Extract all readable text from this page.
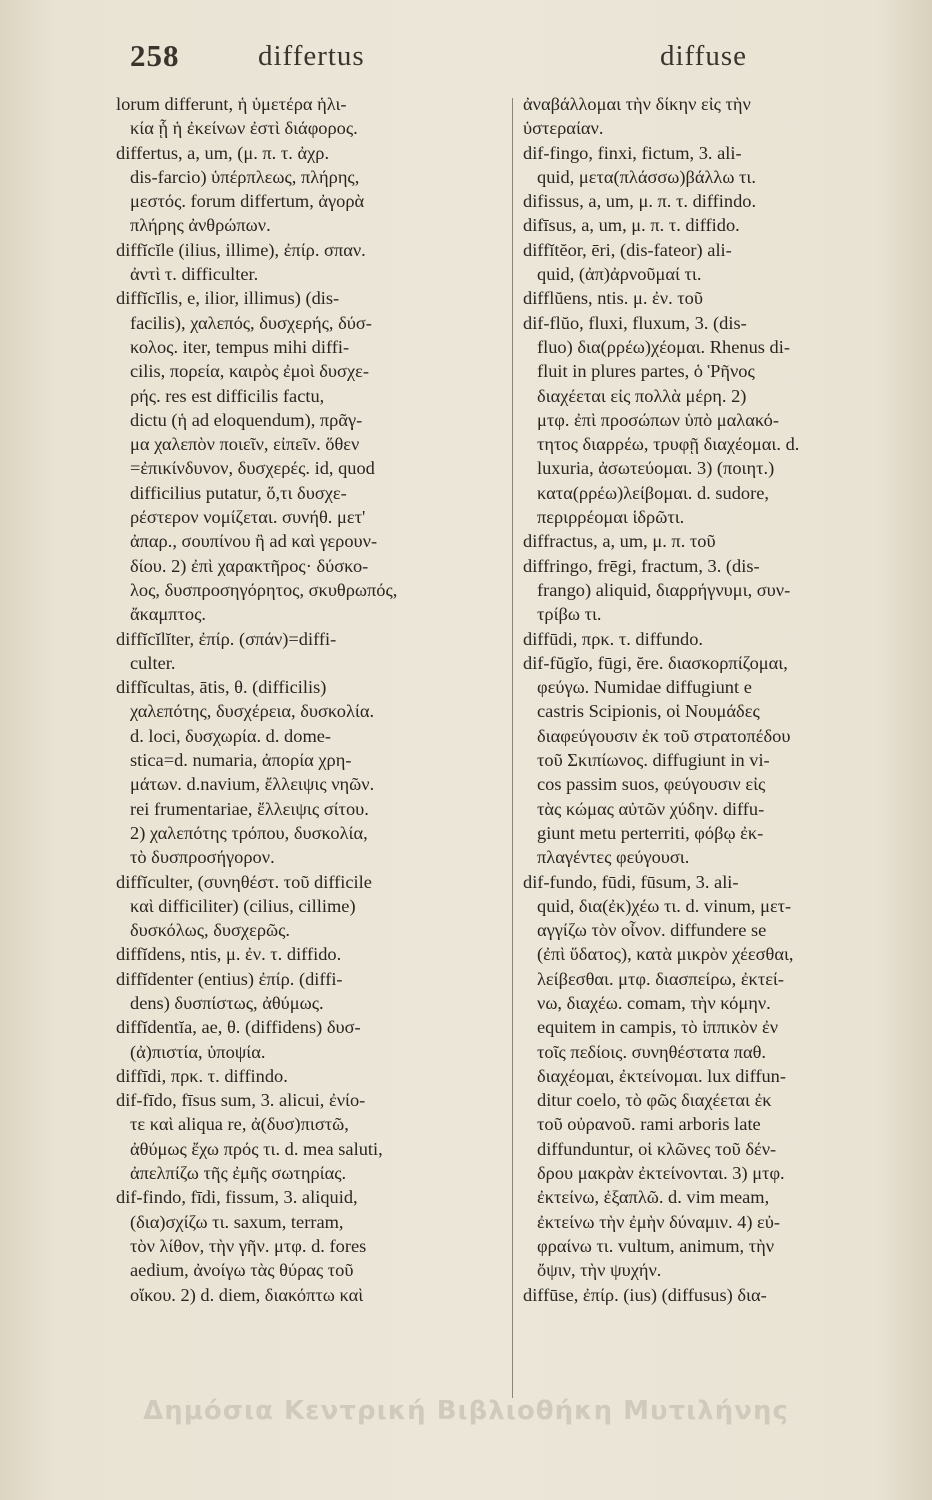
258	differtus	diffuse
lorum differunt, ἡ ὑμετέρα ἡλι-
κία ᾗ ἡ ἐκείνων ἐστὶ διάφορος.
differtus, a, um, (μ. π. τ. ἀχρ.
dis-farcio) ὑπέρπλεως, πλήρης,
μεστός. forum differtum, ἀγορὰ
πλήρης ἀνθρώπων.
diffĭcĭle (ilius, illime), ἐπίρ. σπαν.
ἀντὶ τ. difficulter.
diffĭcĭlis, e, ilior, illimus) (dis-
facilis), χαλεπός, δυσχερής, δύσ-
κολος. iter, tempus mihi diffi-
cilis, πορεία, καιρὸς ἐμοὶ δυσχε-
ρής. res est difficilis factu,
dictu (ἡ ad eloquendum), πρᾶγ-
μα χαλεπὸν ποιεῖν, εἰπεῖν. ὅθεν
=ἐπικίνδυνον, δυσχερές. id, quod
difficilius putatur, ὅ,τι δυσχε-
ρέστερον νομίζεται. συνήθ. μετ'
ἀπαρ., σουπίνου ἢ ad καὶ γερουν-
δίου. 2) ἐπὶ χαρακτῆρος· δύσκο-
λος, δυσπροσηγόρητος, σκυθρωπός,
ἄκαμπτος.
diffĭcĭlĭter, ἐπίρ. (σπάν)=diffi-
culter.
diffĭcultas, ātis, θ. (difficilis)
χαλεπότης, δυσχέρεια, δυσκολία.
d. loci, δυσχωρία. d. dome-
stica=d. numaria, ἀπορία χρη-
μάτων. d.navium, ἔλλειψις νηῶν.
rei frumentariae, ἔλλειψις σίτου.
2) χαλεπότης τρόπου, δυσκολία,
τὸ δυσπροσήγορον.
diffĭculter, (συνηθέστ. τοῦ difficile
καὶ difficiliter) (cilius, cillime)
δυσκόλως, δυσχερῶς.
diffĭdens, ntis, μ. ἐν. τ. diffido.
diffĭdenter (entius) ἐπίρ. (diffi-
dens) δυσπίστως, ἀθύμως.
diffĭdentĭa, ae, θ. (diffidens) δυσ-
(ἀ)πιστία, ὑποψία.
diffīdi, πρκ. τ. diffindo.
dif-fīdo, fīsus sum, 3. alicui, ἐνίο-
τε καὶ aliqua re, ἀ(δυσ)πιστῶ,
ἀθύμως ἔχω πρός τι. d. mea saluti,
ἀπελπίζω τῆς ἐμῆς σωτηρίας.
dif-findo, fīdi, fissum, 3. aliquid,
(δια)σχίζω τι. saxum, terram,
τὸν λίθον, τὴν γῆν. μτφ. d. fores
aedium, ἀνοίγω τὰς θύρας τοῦ
οἴκου. 2) d. diem, διακόπτω καὶ
ἀναβάλλομαι τὴν δίκην εἰς τὴν
ὑστεραίαν.
dif-fingo, finxi, fictum, 3. ali-
quid, μετα(πλάσσω)βάλλω τι.
difissus, a, um, μ. π. τ. diffindo.
difīsus, a, um, μ. π. τ. diffido.
diffĭtĕor, ēri, (dis-fateor) ali-
quid, (ἀπ)ἀρνοῦμαί τι.
difflŭens, ntis. μ. ἐν. τοῦ
dif-flŭo, fluxi, fluxum, 3. (dis-
fluo) δια(ρρέω)χέομαι. Rhenus di-
fluit in plures partes, ὁ Ῥῆνος
διαχέεται εἰς πολλὰ μέρη. 2)
μτφ. ἐπὶ προσώπων ὑπὸ μαλακό-
τητος διαρρέω, τρυφῇ διαχέομαι. d.
luxuria, ἀσωτεύομαι. 3) (ποιητ.)
κατα(ρρέω)λείβομαι. d. sudore,
περιρρέομαι ἱδρῶτι.
diffractus, a, um, μ. π. τοῦ
diffringo, frēgi, fractum, 3. (dis-
frango) aliquid, διαρρήγνυμι, συν-
τρίβω τι.
diffūdi, πρκ. τ. diffundo.
dif-fŭgĭo, fūgi, ĕre. διασκορπίζομαι,
φεύγω. Numidae diffugiunt e
castris Scipionis, οἱ Νουμάδες
διαφεύγουσιν ἐκ τοῦ στρατοπέδου
τοῦ Σκιπίωνος. diffugiunt in vi-
cos passim suos, φεύγουσιν εἰς
τὰς κώμας αὐτῶν χύδην. diffu-
giunt metu perterriti, φόβῳ ἐκ-
πλαγέντες φεύγουσι.
dif-fundo, fūdi, fūsum, 3. ali-
quid, δια(ἐκ)χέω τι. d. vinum, μετ-
αγγίζω τὸν οἶνον. diffundere se
(ἐπὶ ὕδατος), κατὰ μικρὸν χέεσθαι,
λείβεσθαι. μτφ. διασπείρω, ἐκτεί-
νω, διαχέω. comam, τὴν κόμην.
equitem in campis, τὸ ἱππικὸν ἐν
τοῖς πεδίοις. συνηθέστατα παθ.
διαχέομαι, ἐκτείνομαι. lux diffun-
ditur coelo, τὸ φῶς διαχέεται ἐκ
τοῦ οὐρανοῦ. rami arboris late
diffunduntur, οἱ κλῶνες τοῦ δέν-
δρου μακρὰν ἐκτείνονται. 3) μτφ.
ἐκτείνω, ἐξαπλῶ. d. vim meam,
ἐκτείνω τὴν ἐμὴν δύναμιν. 4) εὐ-
φραίνω τι. vultum, animum, τὴν
ὄψιν, τὴν ψυχήν.
diffūse, ἐπίρ. (ius) (diffusus) δια-
Δημόσια Κεντρική Βιβλιοθήκη Μυτιλήνης
